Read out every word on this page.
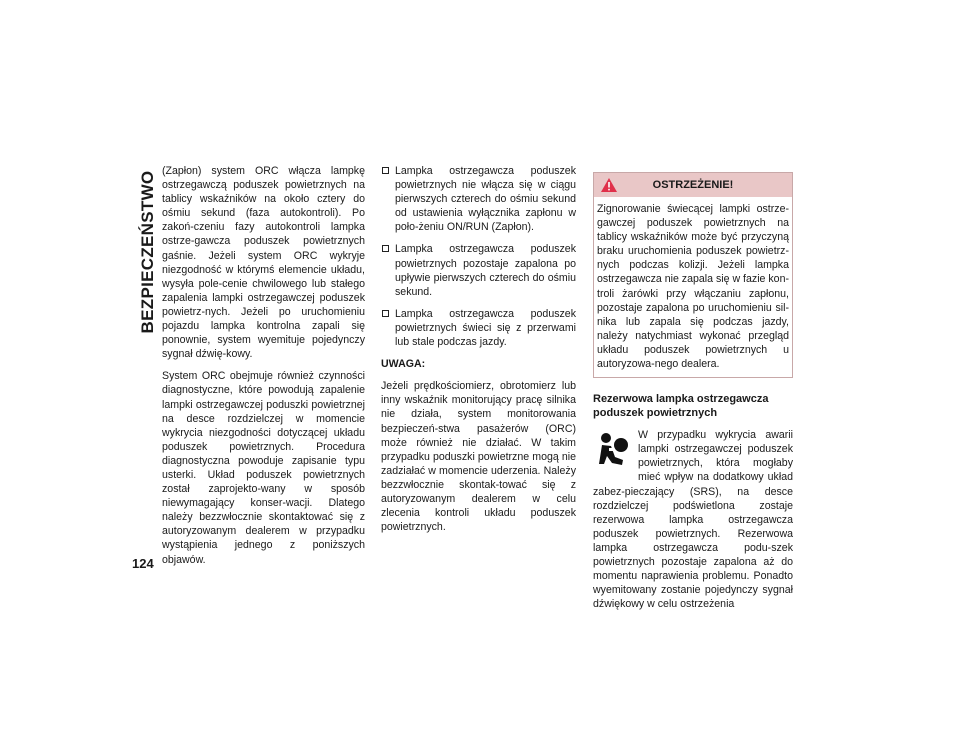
BEZPIECZEŃSTWO
124

(Zapłon) system ORC włącza lampkę ostrzegawczą poduszek powietrznych na tablicy wskaźników na około cztery do ośmiu sekund (faza autokontroli). Po zakoń-czeniu fazy autokontroli lampka ostrze-gawcza poduszek powietrznych gaśnie. Jeżeli system ORC wykryje niezgodność w którymś elemencie układu, wysyła pole-cenie chwilowego lub stałego zapalenia lampki ostrzegawczej poduszek powietrz-nych. Jeżeli po uruchomieniu pojazdu lampka kontrolna zapali się ponownie, system wyemituje pojedynczy sygnał dźwię-kowy.

System ORC obejmuje również czynności diagnostyczne, które powodują zapalenie lampki ostrzegawczej poduszki powietrznej na desce rozdzielczej w momencie wykrycia niezgodności dotyczącej układu poduszek powietrznych. Procedura diagnostyczna powoduje zapisanie typu usterki. Układ poduszek powietrznych został zaprojekto-wany w sposób niewymagający konser-wacji. Dlatego należy bezzwłocznie skontaktować się z autoryzowanym dealerem w przypadku wystąpienia jednego z poniższych objawów.

Lampka ostrzegawcza poduszek powietrznych nie włącza się w ciągu pierwszych czterech do ośmiu sekund od ustawienia wyłącznika zapłonu w poło-żeniu ON/RUN (Zapłon).
Lampka ostrzegawcza poduszek powietrznych pozostaje zapalona po upływie pierwszych czterech do ośmiu sekund.
Lampka ostrzegawcza poduszek powietrznych świeci się z przerwami lub stale podczas jazdy.

UWAGA:

Jeżeli prędkościomierz, obrotomierz lub inny wskaźnik monitorujący pracę silnika nie działa, system monitorowania bezpieczeń-stwa pasażerów (ORC) może również nie działać. W takim przypadku poduszki powietrzne mogą nie zadziałać w momencie uderzenia. Należy bezzwłocznie skontak-tować się z autoryzowanym dealerem w celu zlecenia kontroli układu poduszek powietrznych.

OSTRZEŻENIE!
Zignorowanie świecącej lampki ostrze-gawczej poduszek powietrznych na tablicy wskaźników może być przyczyną braku uruchomienia poduszek powietrz-nych podczas kolizji. Jeżeli lampka ostrzegawcza nie zapala się w fazie kon-troli żarówki przy włączaniu zapłonu, pozostaje zapalona po uruchomieniu sil-nika lub zapala się podczas jazdy, należy natychmiast wykonać przegląd układu poduszek powietrznych u autoryzowa-nego dealera.

Rezerwowa lampka ostrzegawcza poduszek powietrznych

W przypadku wykrycia awarii lampki ostrzegawczej poduszek powietrznych, która mogłaby mieć wpływ na dodatkowy układ zabez-pieczający (SRS), na desce rozdzielczej podświetlona zostaje rezerwowa lampka ostrzegawcza poduszek powietrznych. Rezerwowa lampka ostrzegawcza podu-szek powietrznych pozostaje zapalona aż do momentu naprawienia problemu. Ponadto wyemitowany zostanie pojedynczy sygnał dźwiękowy w celu ostrzeżenia
